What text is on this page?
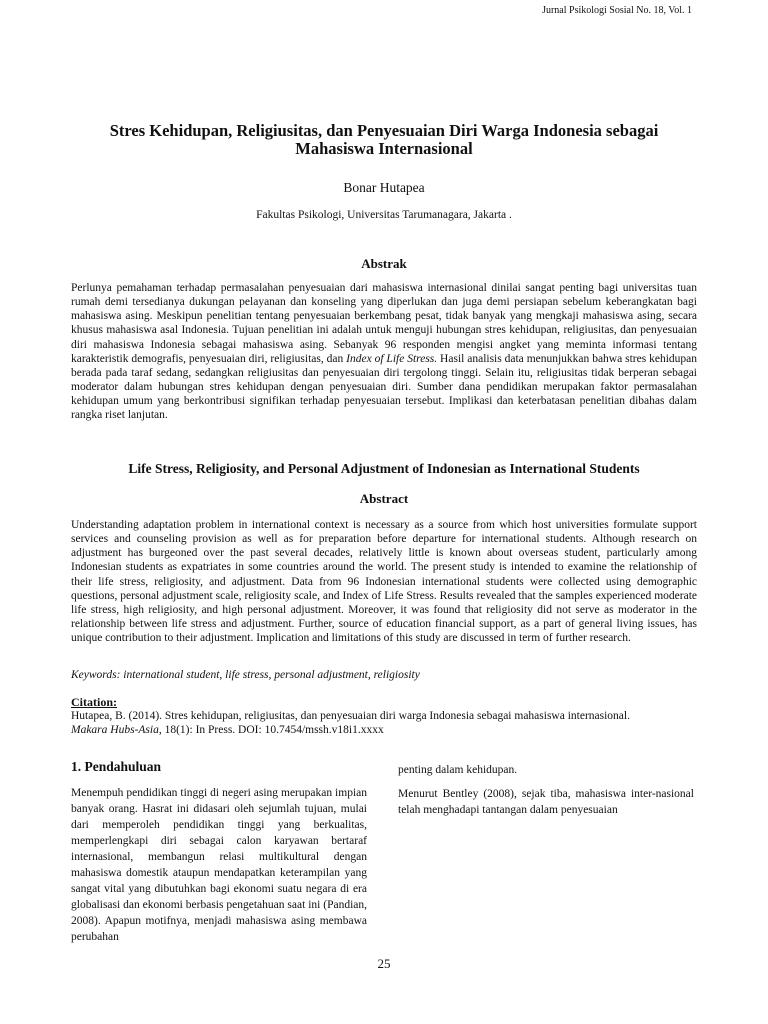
Jurnal Psikologi Sosial No. 18, Vol. 1
Stres Kehidupan, Religiusitas, dan Penyesuaian Diri Warga Indonesia sebagai Mahasiswa Internasional
Bonar Hutapea
Fakultas Psikologi, Universitas Tarumanagara, Jakarta .
Abstrak
Perlunya pemahaman terhadap permasalahan penyesuaian dari mahasiswa internasional dinilai sangat penting bagi universitas tuan rumah demi tersedianya dukungan pelayanan dan konseling yang diperlukan dan juga demi persiapan sebelum keberangkatan bagi mahasiswa asing. Meskipun penelitian tentang penyesuaian berkembang pesat, tidak banyak yang mengkaji mahasiswa asing, secara khusus mahasiswa asal Indonesia. Tujuan penelitian ini adalah untuk menguji hubungan stres kehidupan, religiusitas, dan penyesuaian diri mahasiswa Indonesia sebagai mahasiswa asing. Sebanyak 96 responden mengisi angket yang meminta informasi tentang karakteristik demografis, penyesuaian diri, religiusitas, dan Index of Life Stress. Hasil analisis data menunjukkan bahwa stres kehidupan berada pada taraf sedang, sedangkan religiusitas dan penyesuaian diri tergolong tinggi. Selain itu, religiusitas tidak berperan sebagai moderator dalam hubungan stres kehidupan dengan penyesuaian diri. Sumber dana pendidikan merupakan faktor permasalahan kehidupan umum yang berkontribusi signifikan terhadap penyesuaian tersebut. Implikasi dan keterbatasan penelitian dibahas dalam rangka riset lanjutan.
Life Stress, Religiosity, and Personal Adjustment of Indonesian as International Students
Abstract
Understanding adaptation problem in international context is necessary as a source from which host universities formulate support services and counseling provision as well as for preparation before departure for international students. Although research on adjustment has burgeoned over the past several decades, relatively little is known about overseas student, particularly among Indonesian students as expatriates in some countries around the world. The present study is intended to examine the relationship of their life stress, religiosity, and adjustment. Data from 96 Indonesian international students were collected using demographic questions, personal adjustment scale, religiosity scale, and Index of Life Stress. Results revealed that the samples experienced moderate life stress, high religiosity, and high personal adjustment. Moreover, it was found that religiosity did not serve as moderator in the relationship between life stress and adjustment. Further, source of education financial support, as a part of general living issues, has unique contribution to their adjustment. Implication and limitations of this study are discussed in term of further research.
Keywords: international student, life stress, personal adjustment, religiosity
Citation:
Hutapea, B. (2014). Stres kehidupan, religiusitas, dan penyesuaian diri warga Indonesia sebagai mahasiswa internasional.
Makara Hubs-Asia, 18(1): In Press. DOI: 10.7454/mssh.v18i1.xxxx
1. Pendahuluan
Menempuh pendidikan tinggi di negeri asing merupakan impian banyak orang. Hasrat ini didasari oleh sejumlah tujuan, mulai dari memperoleh pendidikan tinggi yang berkualitas, memperlengkapi diri sebagai calon karyawan bertaraf internasional, membangun relasi multikultural dengan mahasiswa domestik ataupun mendapatkan keterampilan yang sangat vital yang dibutuhkan bagi ekonomi suatu negara di era globalisasi dan ekonomi berbasis pengetahuan saat ini (Pandian, 2008). Apapun motifnya, menjadi mahasiswa asing membawa perubahan
penting dalam kehidupan.
Menurut Bentley (2008), sejak tiba, mahasiswa inter-nasional telah menghadapi tantangan dalam penyesuaian
25
